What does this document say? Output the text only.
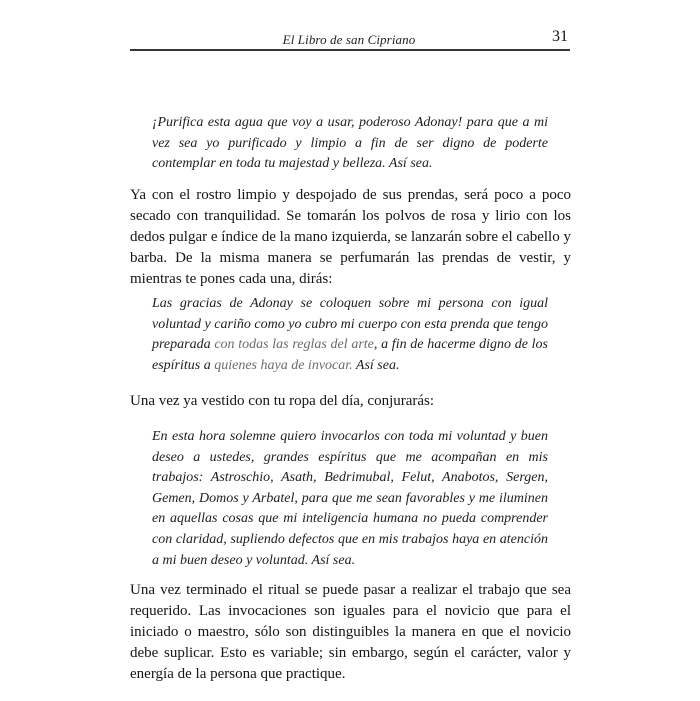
El Libro de san Cipriano	31

¡Purifica esta agua que voy a usar, poderoso Adonay! para que a mi vez sea yo purificado y limpio a fin de ser digno de poderte contemplar en toda tu majestad y belleza. Así sea.

Ya con el rostro limpio y despojado de sus prendas, será poco a poco secado con tranquilidad. Se tomarán los polvos de rosa y lirio con los dedos pulgar e índice de la mano izquierda, se lanzarán sobre el cabello y barba. De la misma manera se perfumarán las prendas de vestir, y mientras te pones cada una, dirás:

Las gracias de Adonay se coloquen sobre mi persona con igual voluntad y cariño como yo cubro mi cuerpo con esta prenda que tengo preparada con todas las reglas del arte, a fin de hacerme digno de los espíritus a quienes haya de invocar. Así sea.

Una vez ya vestido con tu ropa del día, conjurarás:

En esta hora solemne quiero invocarlos con toda mi voluntad y buen deseo a ustedes, grandes espíritus que me acompañan en mis trabajos: Astroschio, Asath, Bedrimubal, Felut, Anabotos, Sergen, Gemen, Domos y Arbatel, para que me sean favorables y me iluminen en aquellas cosas que mi inteligencia humana no pueda comprender con claridad, supliendo defectos que en mis trabajos haya en atención a mi buen deseo y voluntad. Así sea.

Una vez terminado el ritual se puede pasar a realizar el trabajo que sea requerido. Las invocaciones son iguales para el novicio que para el iniciado o maestro, sólo son distinguibles la manera en que el novicio debe suplicar. Esto es variable; sin embargo, según el carácter, valor y energía de la persona que practique.
